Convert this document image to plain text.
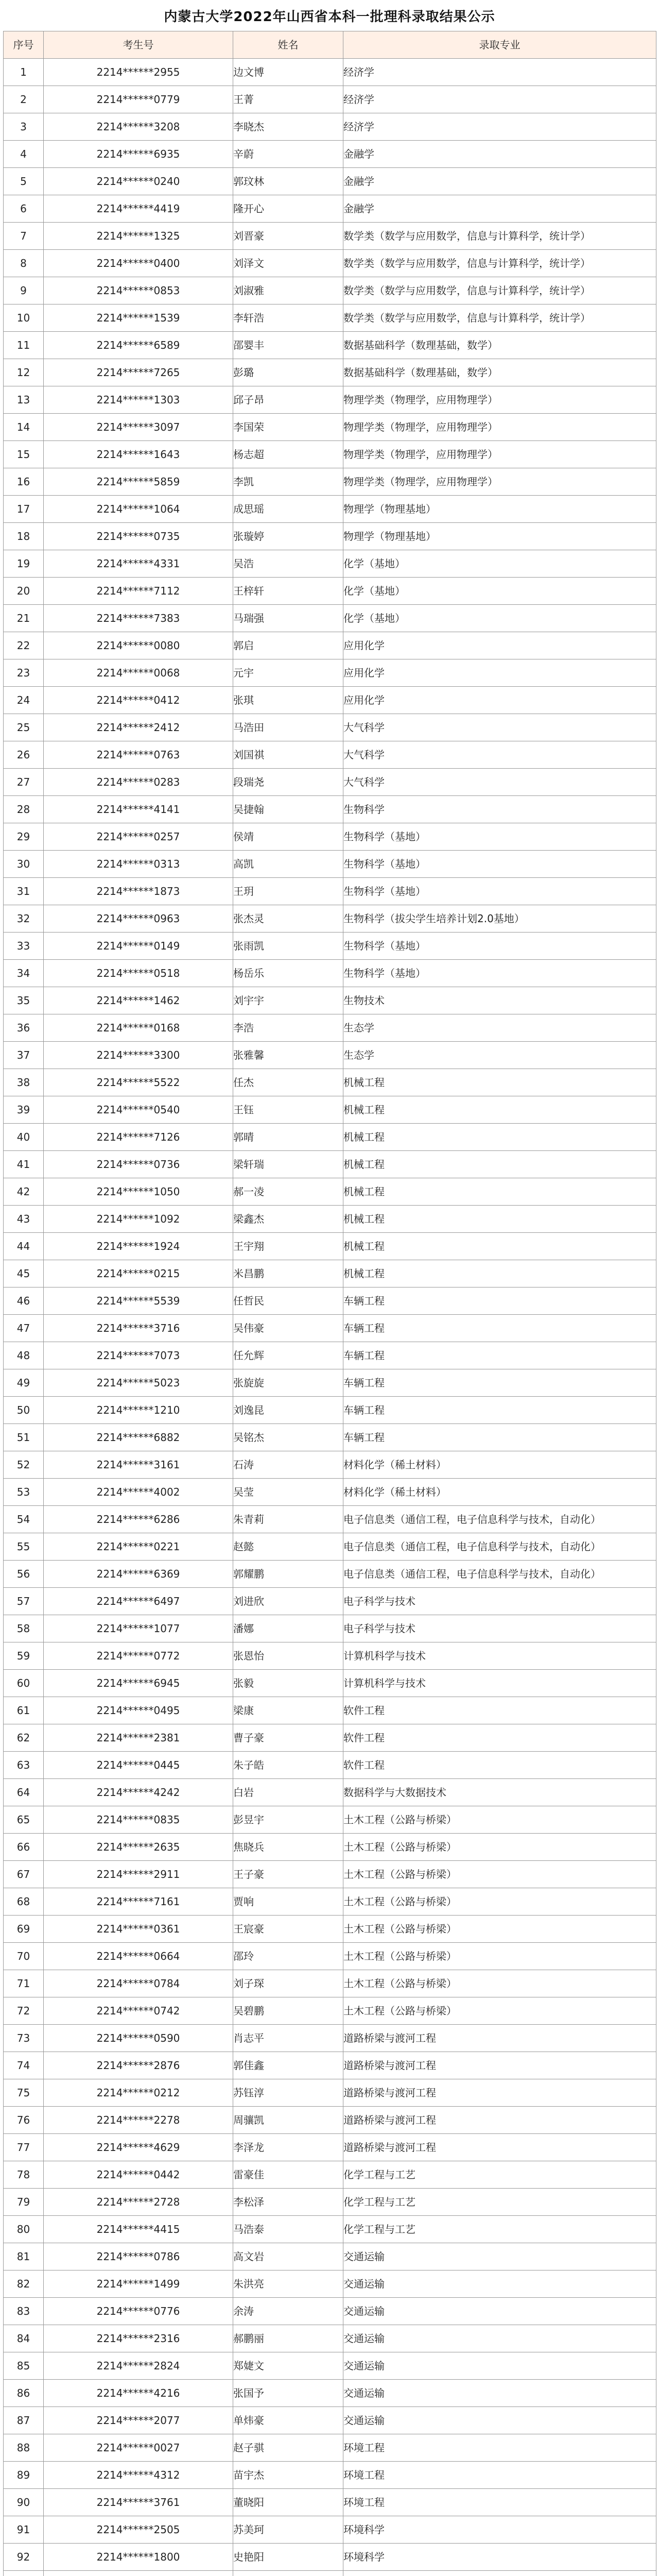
内蒙古大学2022年山西省本科一批理科录取结果公示
序号	考生号	姓名	录取专业
1	2214******2955	边文博	经济学
2	2214******0779	王菁	经济学
3	2214******3208	李晓杰	经济学
4	2214******6935	辛蔚	金融学
5	2214******0240	郭玟林	金融学
6	2214******4419	隆开心	金融学
7	2214******1325	刘晋豪	数学类（数学与应用数学，信息与计算科学，统计学）
8	2214******0400	刘泽文	数学类（数学与应用数学，信息与计算科学，统计学）
9	2214******0853	刘淑雅	数学类（数学与应用数学，信息与计算科学，统计学）
10	2214******1539	李轩浩	数学类（数学与应用数学，信息与计算科学，统计学）
11	2214******6589	邵婴丰	数据基础科学（数理基础，数学）
12	2214******7265	彭璐	数据基础科学（数理基础，数学）
13	2214******1303	邱子昂	物理学类（物理学，应用物理学）
14	2214******3097	李国荣	物理学类（物理学，应用物理学）
15	2214******1643	杨志超	物理学类（物理学，应用物理学）
16	2214******5859	李凯	物理学类（物理学，应用物理学）
17	2214******1064	成思瑶	物理学（物理基地）
18	2214******0735	张璇婷	物理学（物理基地）
19	2214******4331	吴浩	化学（基地）
20	2214******7112	王梓轩	化学（基地）
21	2214******7383	马瑞强	化学（基地）
22	2214******0080	郭启	应用化学
23	2214******0068	元宇	应用化学
24	2214******0412	张琪	应用化学
25	2214******2412	马浩田	大气科学
26	2214******0763	刘国祺	大气科学
27	2214******0283	段瑞尧	大气科学
28	2214******4141	吴捷翰	生物科学
29	2214******0257	侯靖	生物科学（基地）
30	2214******0313	高凯	生物科学（基地）
31	2214******1873	王玥	生物科学（基地）
32	2214******0963	张杰灵	生物科学（拔尖学生培养计划2.0基地）
33	2214******0149	张雨凯	生物科学（基地）
34	2214******0518	杨岳乐	生物科学（基地）
35	2214******1462	刘宇宇	生物技术
36	2214******0168	李浩	生态学
37	2214******3300	张雅馨	生态学
38	2214******5522	任杰	机械工程
39	2214******0540	王钰	机械工程
40	2214******7126	郭晴	机械工程
41	2214******0736	梁轩瑞	机械工程
42	2214******1050	郝一凌	机械工程
43	2214******1092	梁鑫杰	机械工程
44	2214******1924	王宇翔	机械工程
45	2214******0215	米昌鹏	机械工程
46	2214******5539	任哲民	车辆工程
47	2214******3716	吴伟豪	车辆工程
48	2214******7073	任允辉	车辆工程
49	2214******5023	张旋旋	车辆工程
50	2214******1210	刘逸昆	车辆工程
51	2214******6882	吴铭杰	车辆工程
52	2214******3161	石涛	材料化学（稀土材料）
53	2214******4002	吴莹	材料化学（稀土材料）
54	2214******6286	朱青莉	电子信息类（通信工程，电子信息科学与技术，自动化）
55	2214******0221	赵懿	电子信息类（通信工程，电子信息科学与技术，自动化）
56	2214******6369	郭耀鹏	电子信息类（通信工程，电子信息科学与技术，自动化）
57	2214******6497	刘进欣	电子科学与技术
58	2214******1077	潘娜	电子科学与技术
59	2214******0772	张恩怡	计算机科学与技术
60	2214******6945	张毅	计算机科学与技术
61	2214******0495	梁康	软件工程
62	2214******2381	曹子豪	软件工程
63	2214******0445	朱子皓	软件工程
64	2214******4242	白岩	数据科学与大数据技术
65	2214******0835	彭昱宇	土木工程（公路与桥梁）
66	2214******2635	焦晓兵	土木工程（公路与桥梁）
67	2214******2911	王子豪	土木工程（公路与桥梁）
68	2214******7161	贾响	土木工程（公路与桥梁）
69	2214******0361	王宸豪	土木工程（公路与桥梁）
70	2214******0664	邵玲	土木工程（公路与桥梁）
71	2214******0784	刘子琛	土木工程（公路与桥梁）
72	2214******0742	吴碧鹏	土木工程（公路与桥梁）
73	2214******0590	肖志平	道路桥梁与渡河工程
74	2214******2876	郭佳鑫	道路桥梁与渡河工程
75	2214******0212	苏钰淳	道路桥梁与渡河工程
76	2214******2278	周骧凯	道路桥梁与渡河工程
77	2214******4629	李泽龙	道路桥梁与渡河工程
78	2214******0442	雷豪佳	化学工程与工艺
79	2214******2728	李松泽	化学工程与工艺
80	2214******4415	马浩泰	化学工程与工艺
81	2214******0786	高文岩	交通运输
82	2214******1499	朱洪亮	交通运输
83	2214******0776	余涛	交通运输
84	2214******2316	郝鹏丽	交通运输
85	2214******2824	郑婕文	交通运输
86	2214******4216	张国予	交通运输
87	2214******2077	单炜豪	交通运输
88	2214******0027	赵子骐	环境工程
89	2214******4312	苗宇杰	环境工程
90	2214******3761	董晓阳	环境工程
91	2214******2505	苏美珂	环境科学
92	2214******1800	史艳阳	环境科学
